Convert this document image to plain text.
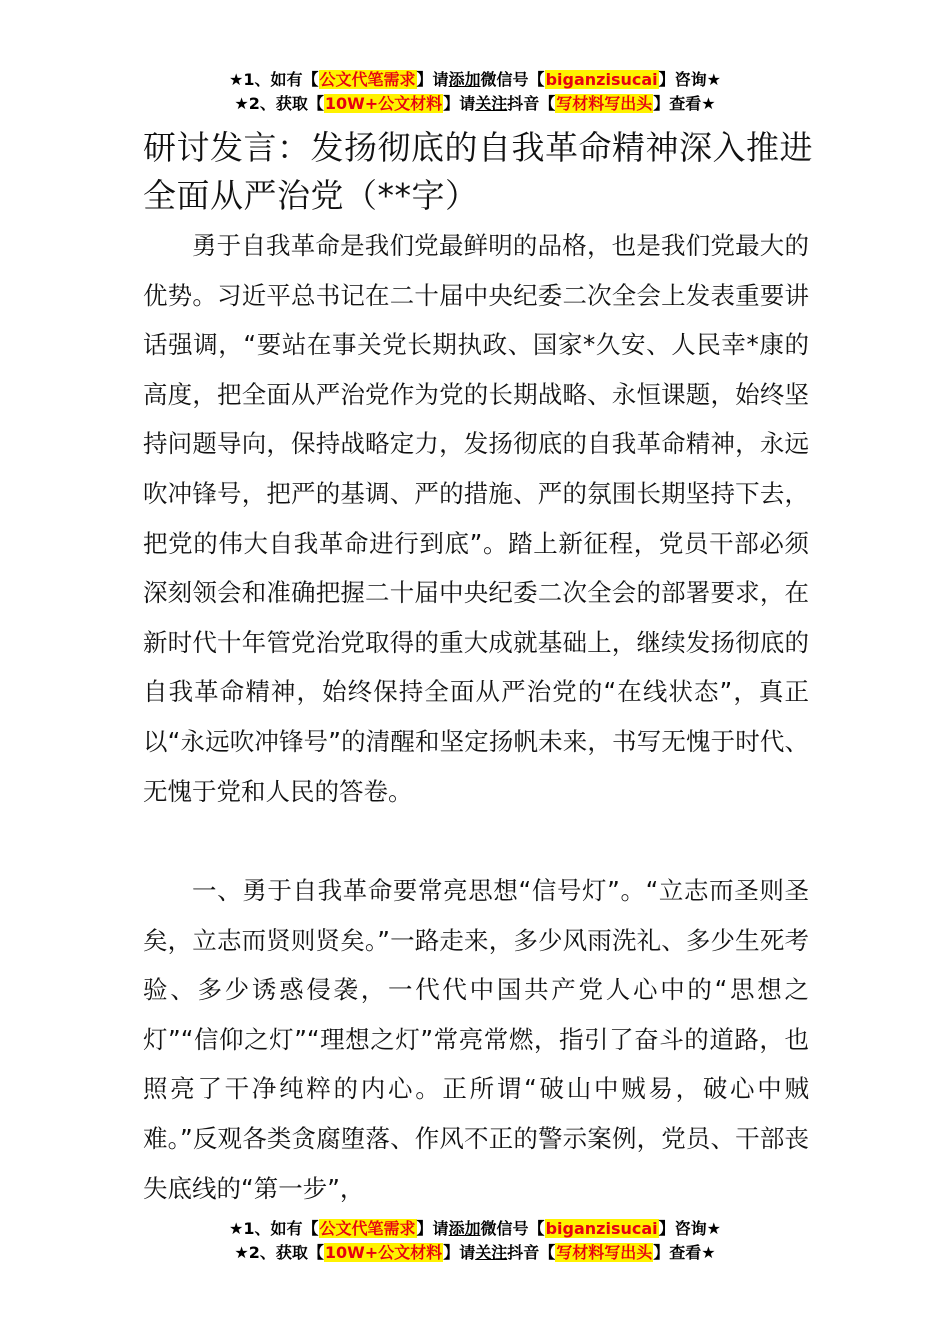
★1、如有【公文代笔需求】请添加微信号【biganzisucai】咨询★
★2、获取【10W+公文材料】请关注抖音【写材料写出头】查看★
研讨发言：发扬彻底的自我革命精神深入推进全面从严治党（**字）

勇于自我革命是我们党最鲜明的品格，也是我们党最大的优势。习近平总书记在二十届中央纪委二次全会上发表重要讲话强调，“要站在事关党长期执政、国家*久安、人民幸*康的高度，把全面从严治党作为党的长期战略、永恒课题，始终坚持问题导向，保持战略定力，发扬彻底的自我革命精神，永远吹冲锋号，把严的基调、严的措施、严的氛围长期坚持下去，把党的伟大自我革命进行到底”。踏上新征程，党员干部必须深刻领会和准确把握二十届中央纪委二次全会的部署要求，在新时代十年管党治党取得的重大成就基础上，继续发扬彻底的自我革命精神，始终保持全面从严治党的“在线状态”，真正以“永远吹冲锋号”的清醒和坚定扬帆未来，书写无愧于时代、无愧于党和人民的答卷。

一、勇于自我革命要常亮思想“信号灯”。“立志而圣则圣矣，立志而贤则贤矣。”一路走来，多少风雨洗礼、多少生死考验、多少诱惑侵袭，一代代中国共产党人心中的“思想之灯”“信仰之灯”“理想之灯”常亮常燃，指引了奋斗的道路，也照亮了干净纯粹的内心。正所谓“破山中贼易，破心中贼难。”反观各类贪腐堕落、作风不正的警示案例，党员、干部丧失底线的“第一步”，

★1、如有【公文代笔需求】请添加微信号【biganzisucai】咨询★
★2、获取【10W+公文材料】请关注抖音【写材料写出头】查看★
